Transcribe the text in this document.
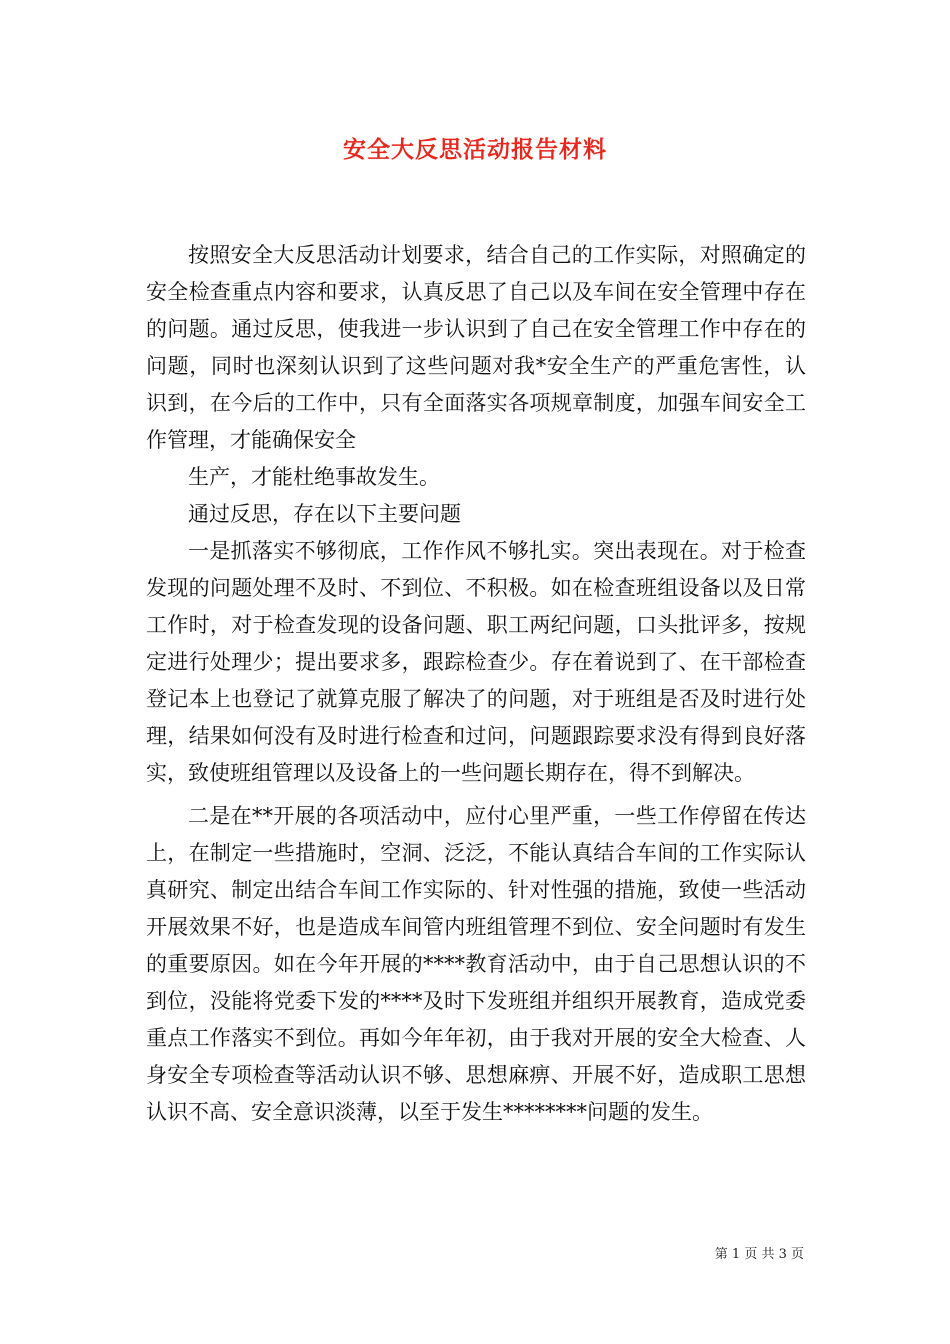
安全大反思活动报告材料

按照安全大反思活动计划要求，结合自己的工作实际，对照确定的安全检查重点内容和要求，认真反思了自己以及车间在安全管理中存在的问题。通过反思，使我进一步认识到了自己在安全管理工作中存在的问题，同时也深刻认识到了这些问题对我*安全生产的严重危害性，认识到，在今后的工作中，只有全面落实各项规章制度，加强车间安全工作管理，才能确保安全

生产，才能杜绝事故发生。

通过反思，存在以下主要问题

一是抓落实不够彻底，工作作风不够扎实。突出表现在。对于检查发现的问题处理不及时、不到位、不积极。如在检查班组设备以及日常工作时，对于检查发现的设备问题、职工两纪问题，口头批评多，按规定进行处理少；提出要求多，跟踪检查少。存在着说到了、在干部检查登记本上也登记了就算克服了解决了的问题，对于班组是否及时进行处理，结果如何没有及时进行检查和过问，问题跟踪要求没有得到良好落实，致使班组管理以及设备上的一些问题长期存在，得不到解决。

二是在**开展的各项活动中，应付心里严重，一些工作停留在传达上，在制定一些措施时，空洞、泛泛，不能认真结合车间的工作实际认真研究、制定出结合车间工作实际的、针对性强的措施，致使一些活动开展效果不好，也是造成车间管内班组管理不到位、安全问题时有发生的重要原因。如在今年开展的****教育活动中，由于自己思想认识的不到位，没能将党委下发的****及时下发班组并组织开展教育，造成党委重点工作落实不到位。再如今年年初，由于我对开展的安全大检查、人身安全专项检查等活动认识不够、思想麻痹、开展不好，造成职工思想认识不高、安全意识淡薄，以至于发生********问题的发生。

第 1 页 共 3 页
